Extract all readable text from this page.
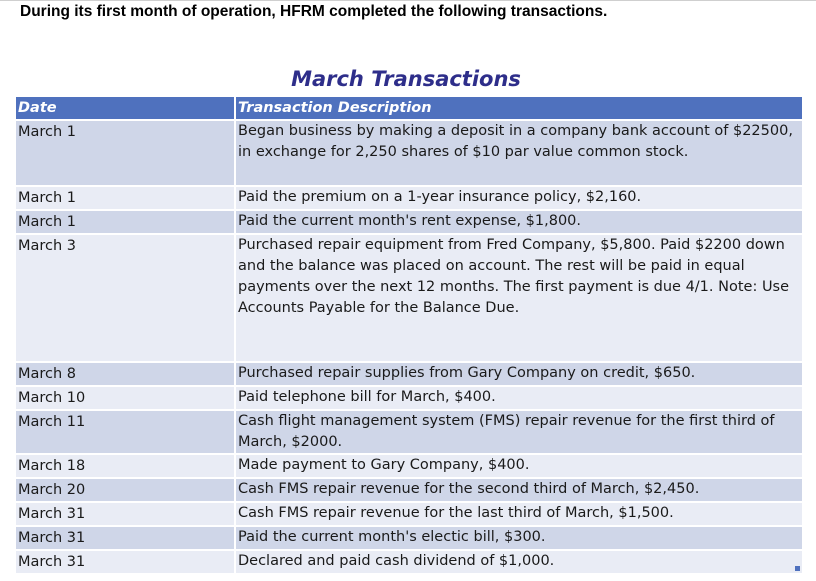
During its first month of operation, HFRM completed the following transactions.
March Transactions
Date	Transaction Description
March 1	Began business by making a deposit in a company bank account of $22500, in exchange for 2,250 shares of $10 par value common stock.
March 1	Paid the premium on a 1-year insurance policy, $2,160.
March 1	Paid the current month's rent expense, $1,800.
March 3	Purchased repair equipment from Fred Company, $5,800. Paid $2200 down and the balance was placed on account. The rest will be paid in equal payments over the next 12 months. The first payment is due 4/1. Note: Use Accounts Payable for the Balance Due.
March 8	Purchased repair supplies from Gary Company on credit, $650.
March 10	Paid telephone bill for March, $400.
March 11	Cash flight management system (FMS) repair revenue for the first third of March, $2000.
March 18	Made payment to Gary Company, $400.
March 20	Cash FMS repair revenue for the second third of March, $2,450.
March 31	Cash FMS repair revenue for the last third of March, $1,500.
March 31	Paid the current month's electic bill, $300.
March 31	Declared and paid cash dividend of $1,000.
